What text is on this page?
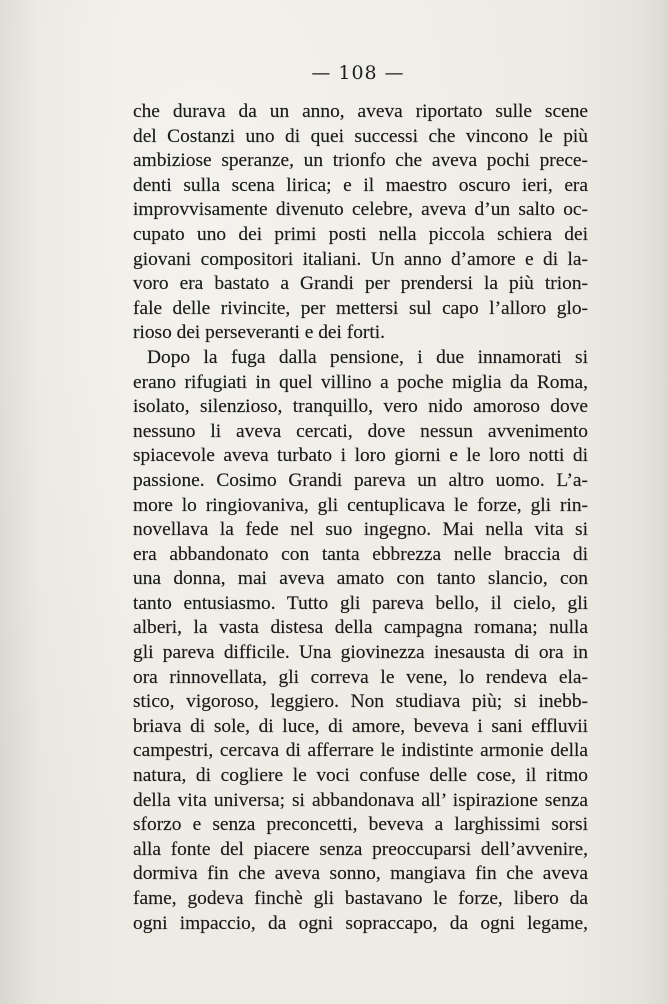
— 108 —
che durava da un anno, aveva riportato sulle scene
del Costanzi uno di quei successi che vincono le più
ambiziose speranze, un trionfo che aveva pochi prece-
denti sulla scena lirica; e il maestro oscuro ieri, era
improvvisamente divenuto celebre, aveva d’un salto oc-
cupato uno dei primi posti nella piccola schiera dei
giovani compositori italiani. Un anno d’amore e di la-
voro era bastato a Grandi per prendersi la più trion-
fale delle rivincite, per mettersi sul capo l’alloro glo-
rioso dei perseveranti e dei forti.
Dopo la fuga dalla pensione, i due innamorati si
erano rifugiati in quel villino a poche miglia da Roma,
isolato, silenzioso, tranquillo, vero nido amoroso dove
nessuno li aveva cercati, dove nessun avvenimento
spiacevole aveva turbato i loro giorni e le loro notti di
passione. Cosimo Grandi pareva un altro uomo. L’a-
more lo ringiovaniva, gli centuplicava le forze, gli rin-
novellava la fede nel suo ingegno. Mai nella vita si
era abbandonato con tanta ebbrezza nelle braccia di
una donna, mai aveva amato con tanto slancio, con
tanto entusiasmo. Tutto gli pareva bello, il cielo, gli
alberi, la vasta distesa della campagna romana; nulla
gli pareva difficile. Una giovinezza inesausta di ora in
ora rinnovellata, gli correva le vene, lo rendeva ela-
stico, vigoroso, leggiero. Non studiava più; si inebb-
briava di sole, di luce, di amore, beveva i sani effluvii
campestri, cercava di afferrare le indistinte armonie della
natura, di cogliere le voci confuse delle cose, il ritmo
della vita universa; si abbandonava all’ ispirazione senza
sforzo e senza preconcetti, beveva a larghissimi sorsi
alla fonte del piacere senza preoccuparsi dell’avvenire,
dormiva fin che aveva sonno, mangiava fin che aveva
fame, godeva finchè gli bastavano le forze, libero da
ogni impaccio, da ogni sopraccapo, da ogni legame,
